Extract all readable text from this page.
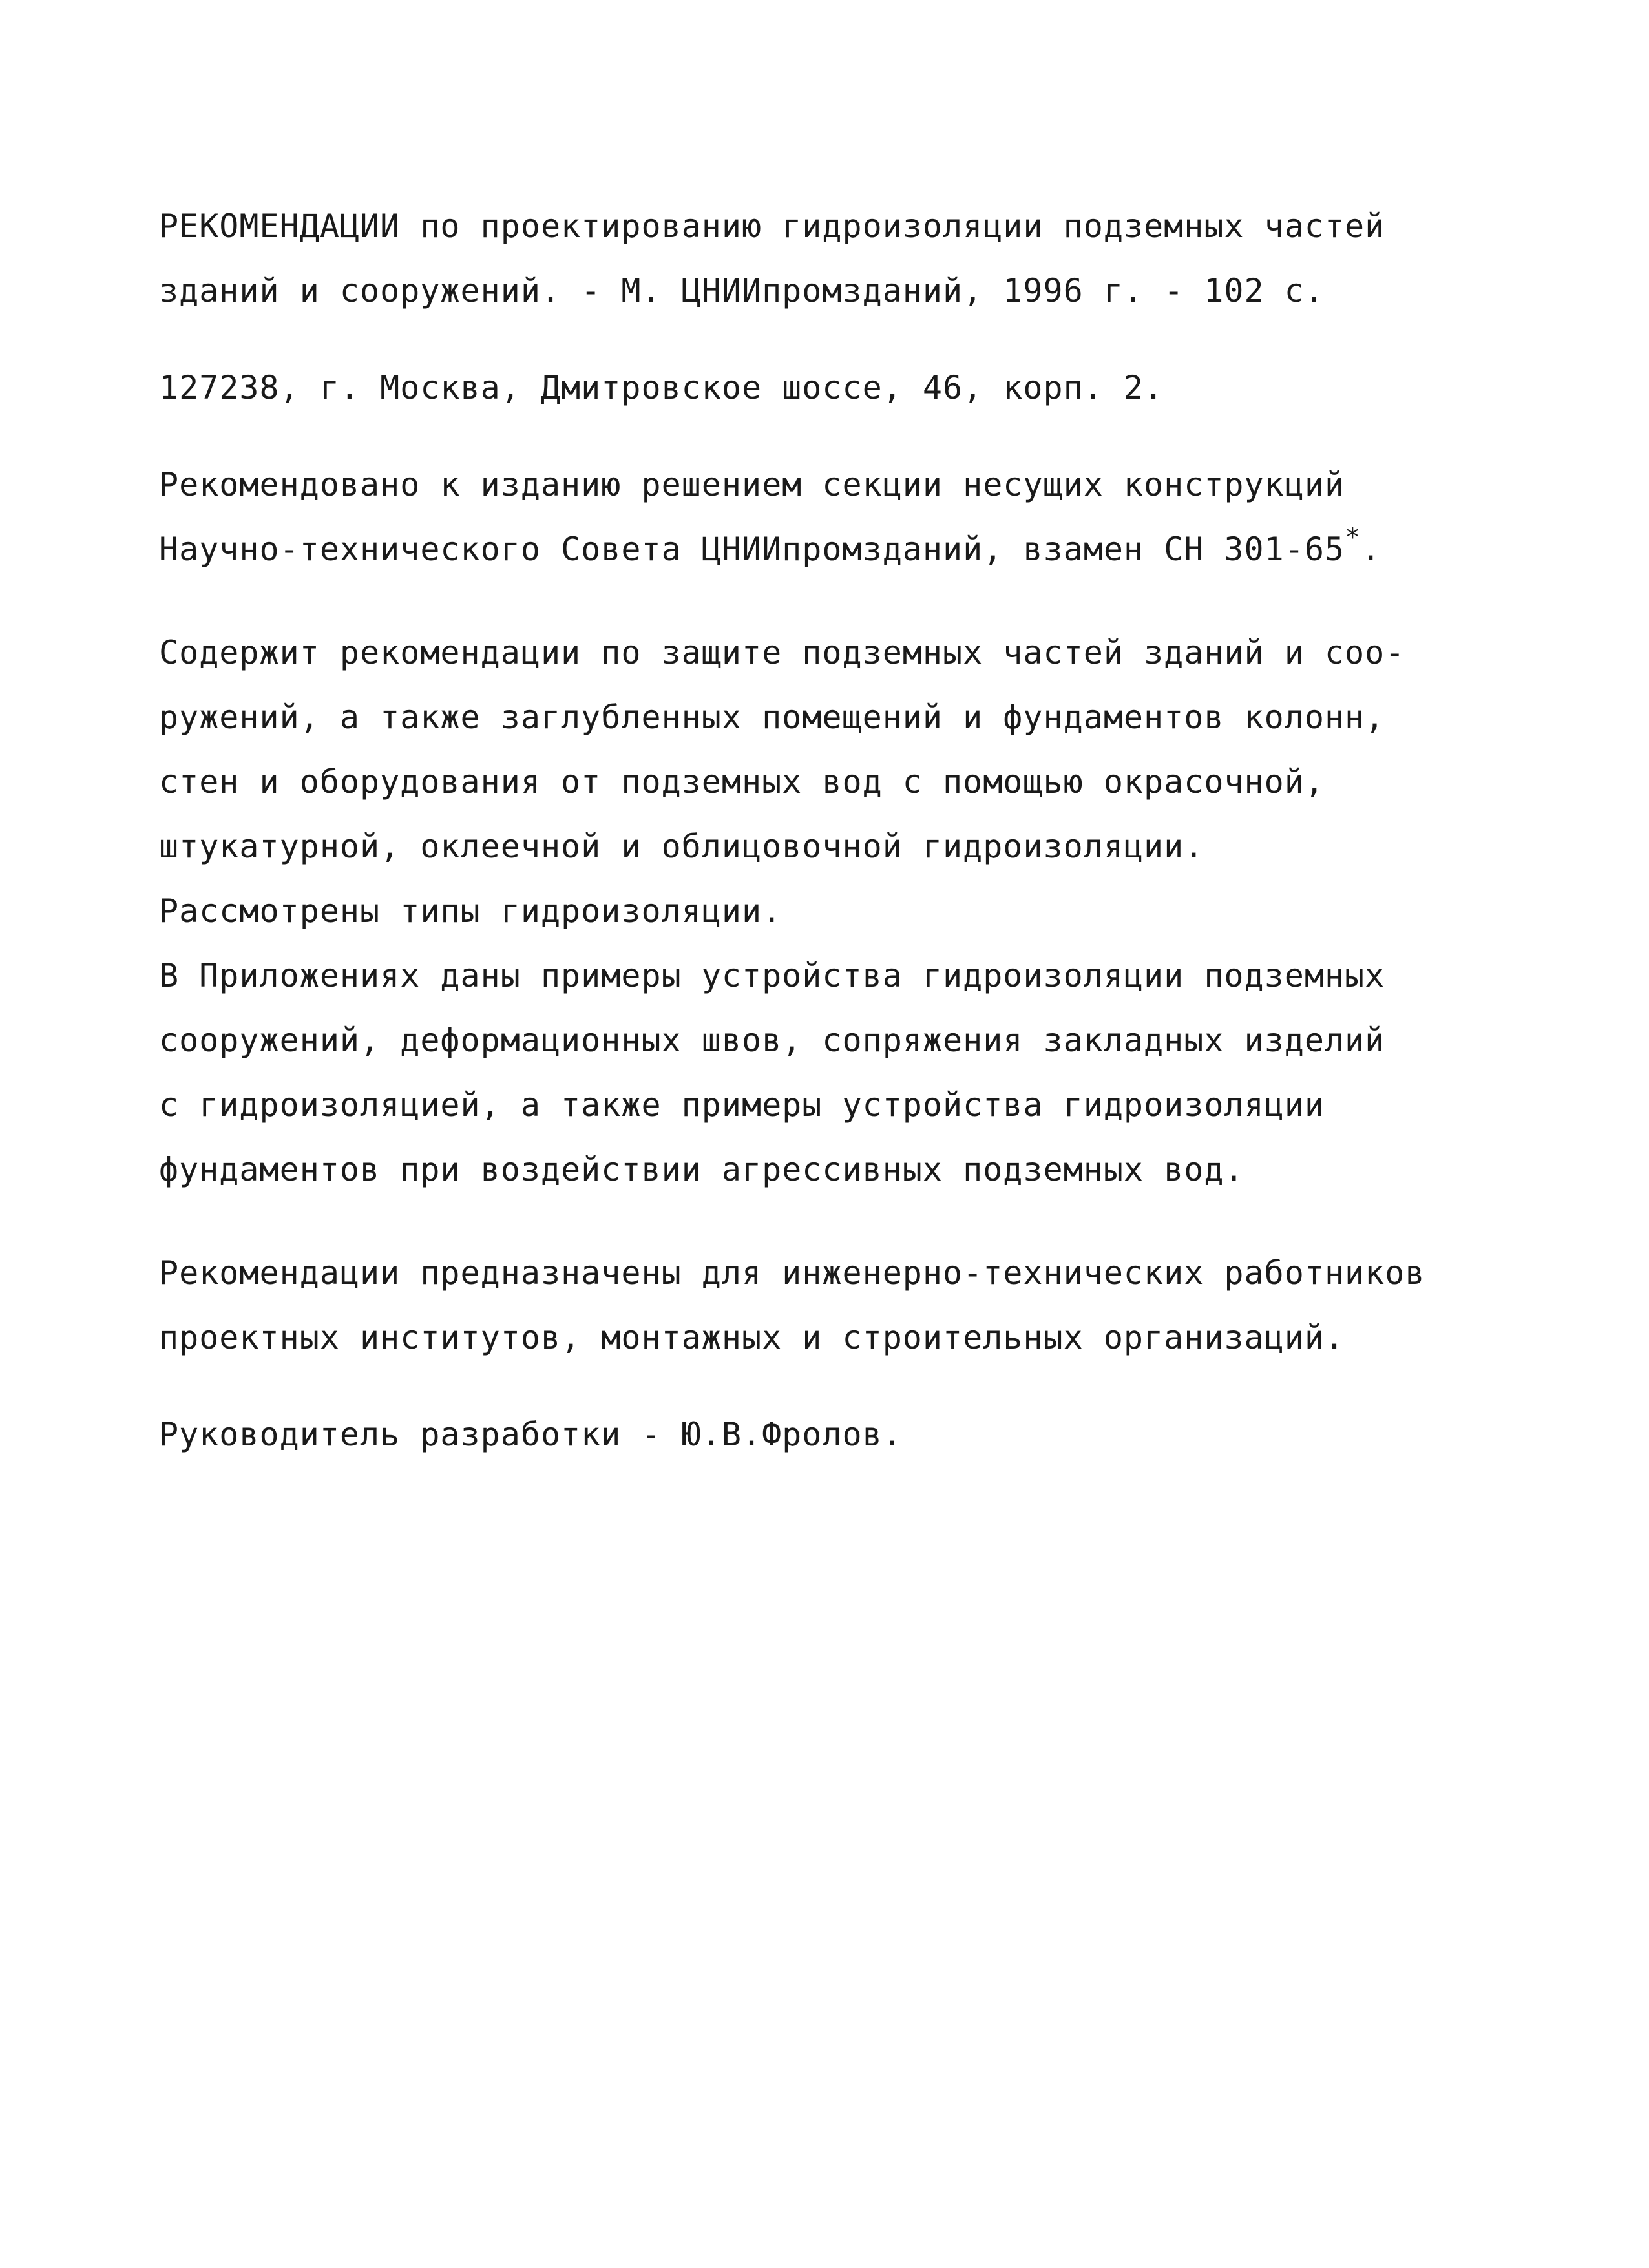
РЕКОМЕНДАЦИИ по проектированию гидроизоляции подземных частей
зданий и сооружений. - М. ЦНИИпромзданий, 1996 г. - 102 с.
127238, г. Москва, Дмитровское шоссе, 46, корп. 2.
Рекомендовано к изданию решением секции несущих конструкций
Научно-технического Совета ЦНИИпромзданий, взамен СН 301-65*.
Содержит рекомендации по защите подземных частей зданий и соо-
ружений, а также заглубленных помещений и фундаментов колонн,
стен и оборудования от подземных вод с помощью окрасочной,
штукатурной, оклеечной и облицовочной гидроизоляции.
Рассмотрены типы гидроизоляции.
В Приложениях даны примеры устройства гидроизоляции подземных
сооружений, деформационных швов, сопряжения закладных изделий
с гидроизоляцией, а также примеры устройства гидроизоляции
фундаментов при воздействии агрессивных подземных вод.
Рекомендации предназначены для инженерно-технических работников
проектных институтов, монтажных и строительных организаций.
Руководитель разработки - Ю.В.Фролов.
